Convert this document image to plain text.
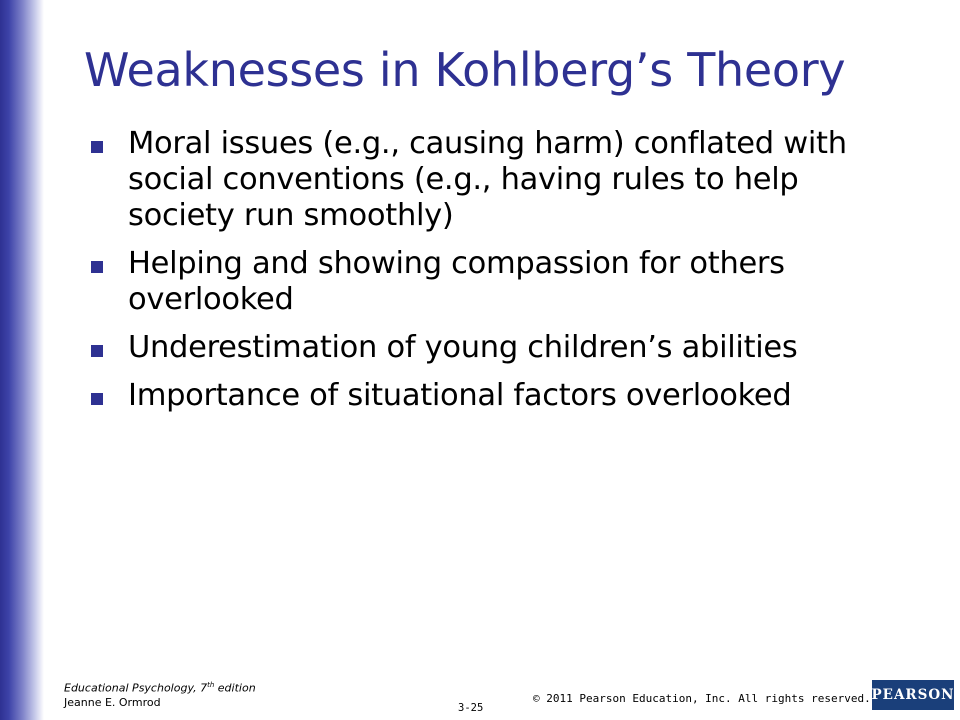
Weaknesses in Kohlberg’s Theory
Moral issues (e.g., causing harm) conflated with social conventions (e.g., having rules to help society run smoothly)
Helping and showing compassion for others overlooked
Underestimation of young children’s abilities
Importance of situational factors overlooked
Educational Psychology, 7th edition
Jeanne E. Ormrod	3-25
© 2011 Pearson Education, Inc. All rights reserved. PEARSON
